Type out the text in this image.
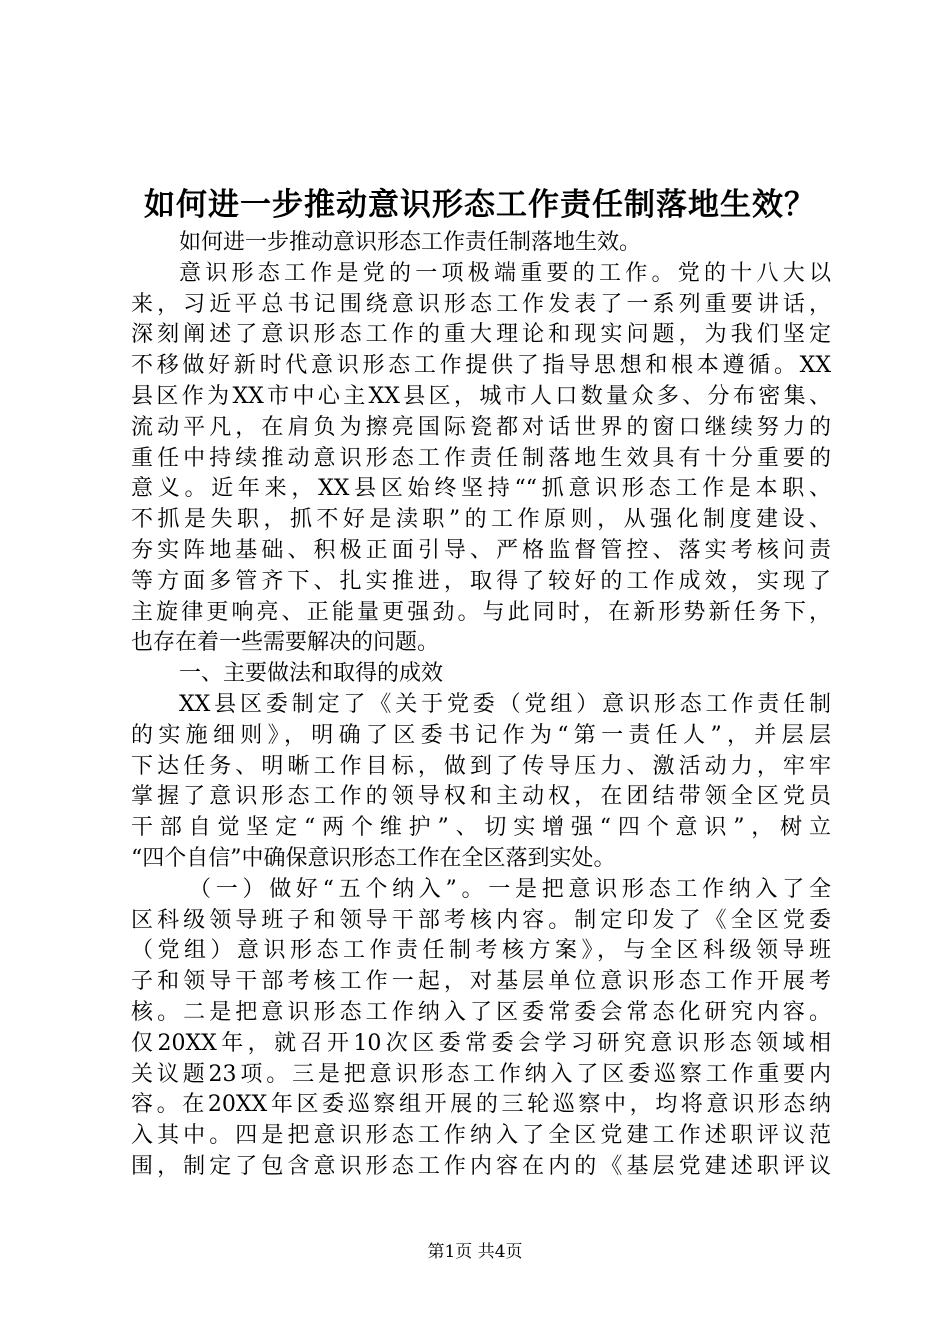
如何进一步推动意识形态工作责任制落地生效？
如何进一步推动意识形态工作责任制落地生效。
意识形态工作是党的一项极端重要的工作。党的十八大以
来，习近平总书记围绕意识形态工作发表了一系列重要讲话，
深刻阐述了意识形态工作的重大理论和现实问题，为我们坚定
不移做好新时代意识形态工作提供了指导思想和根本遵循。XX
县区作为XX市中心主XX县区，城市人口数量众多、分布密集、
流动平凡，在肩负为擦亮国际瓷都对话世界的窗口继续努力的
重任中持续推动意识形态工作责任制落地生效具有十分重要的
意义。近年来，XX县区始终坚持““抓意识形态工作是本职、
不抓是失职，抓不好是渎职”的工作原则，从强化制度建设、
夯实阵地基础、积极正面引导、严格监督管控、落实考核问责
等方面多管齐下、扎实推进，取得了较好的工作成效，实现了
主旋律更响亮、正能量更强劲。与此同时，在新形势新任务下，
也存在着一些需要解决的问题。
一、主要做法和取得的成效
XX县区委制定了《关于党委（党组）意识形态工作责任制
的实施细则》，明确了区委书记作为“第一责任人”，并层层
下达任务、明晰工作目标，做到了传导压力、激活动力，牢牢
掌握了意识形态工作的领导权和主动权，在团结带领全区党员
干部自觉坚定“两个维护”、切实增强“四个意识”，树立
“四个自信”中确保意识形态工作在全区落到实处。
（一）做好“五个纳入”。一是把意识形态工作纳入了全
区科级领导班子和领导干部考核内容。制定印发了《全区党委
（党组）意识形态工作责任制考核方案》，与全区科级领导班
子和领导干部考核工作一起，对基层单位意识形态工作开展考
核。二是把意识形态工作纳入了区委常委会常态化研究内容。
仅20XX年，就召开10次区委常委会学习研究意识形态领域相
关议题23项。三是把意识形态工作纳入了区委巡察工作重要内
容。在20XX年区委巡察组开展的三轮巡察中，均将意识形态纳
入其中。四是把意识形态工作纳入了全区党建工作述职评议范
围，制定了包含意识形态工作内容在内的《基层党建述职评议
第1页 共4页
